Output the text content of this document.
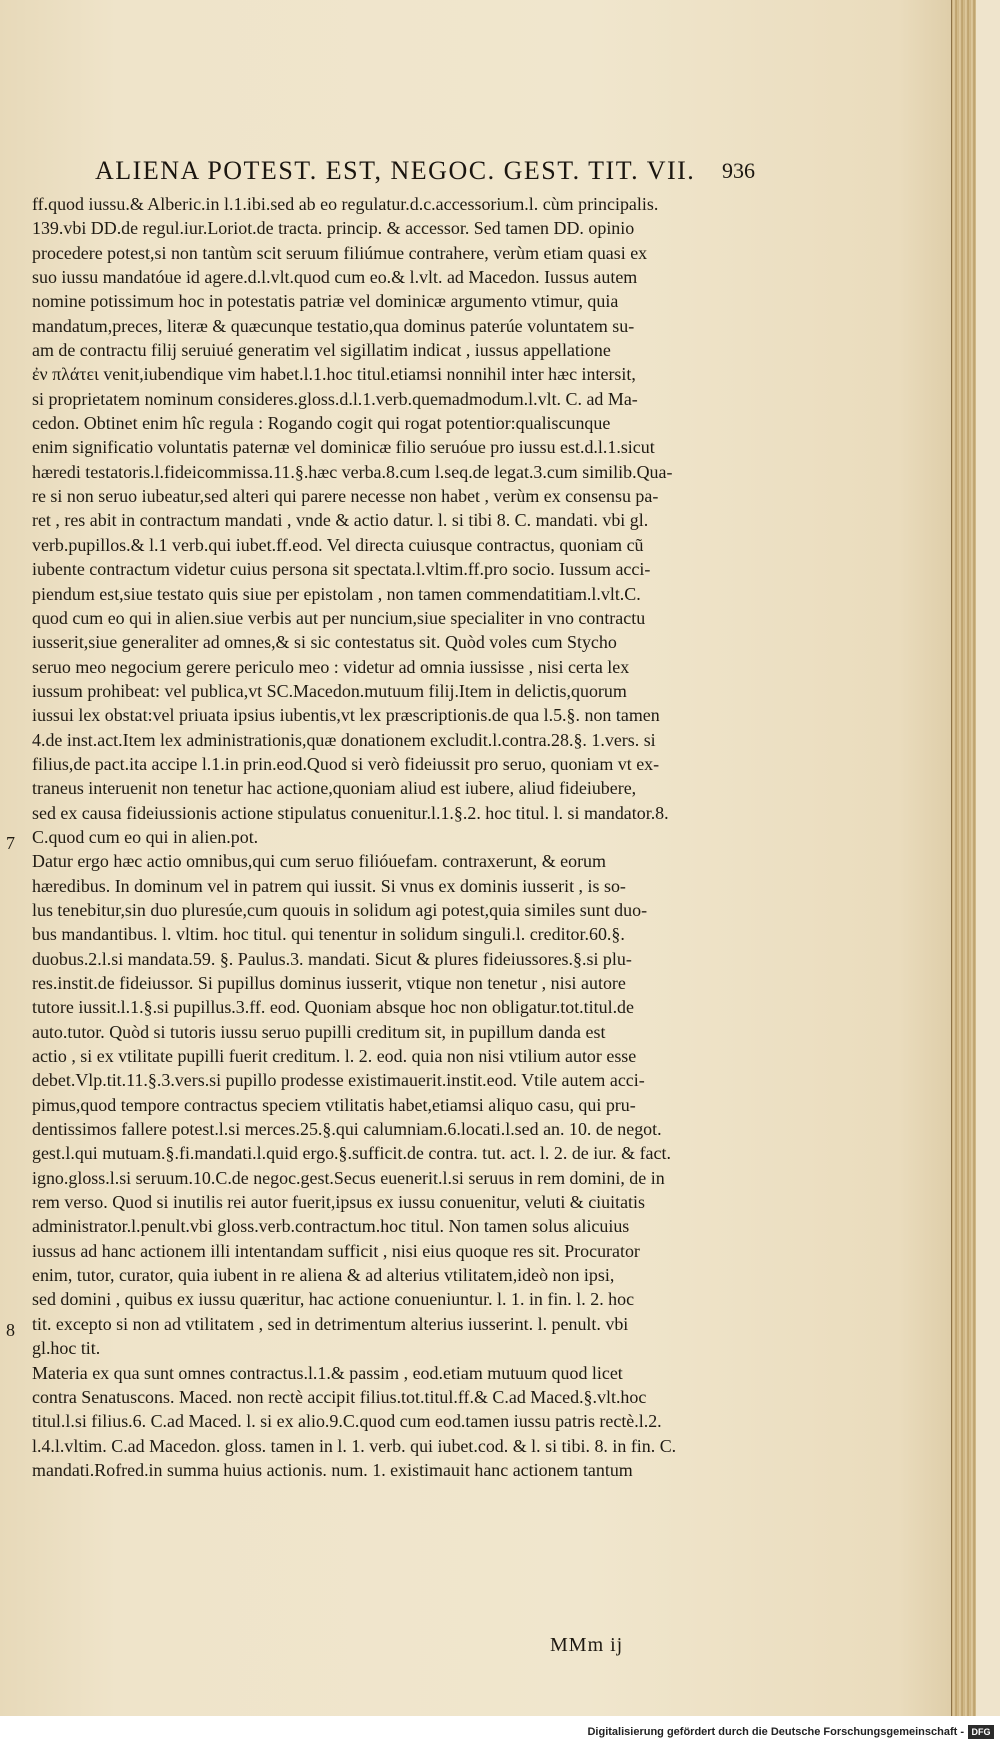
ALIENA POTEST. EST, NEGOC. GEST. TIT. VII.	936
ff.quod iussu.& Alberic.in l.1.ibi.sed ab eo regulatur.d.c.accessorium.l. cùm principalis.
139.vbi DD.de regul.iur.Loriot.de tracta. princip. & accessor. Sed tamen DD. opinio
procedere potest,si non tantùm scit seruum filiúmue contrahere, verùm etiam quasi ex
suo iussu mandatóue id agere.d.l.vlt.quod cum eo.& l.vlt. ad Macedon. Iussus autem
nomine potissimum hoc in potestatis patriæ vel dominicæ argumento vtimur, quia
mandatum,preces, literæ & quæcunque testatio,qua dominus paterúe voluntatem su-
am de contractu filij seruiué generatim vel sigillatim indicat , iussus appellatione
ἐν πλάτει venit,iubendique vim habet.l.1.hoc titul.etiamsi nonnihil inter hæc intersit,
si proprietatem nominum consideres.gloss.d.l.1.verb.quemadmodum.l.vlt. C. ad Ma-
cedon. Obtinet enim hîc regula : Rogando cogit qui rogat potentior:qualiscunque
enim significatio voluntatis paternæ vel dominicæ filio seruóue pro iussu est.d.l.1.sicut
hæredi testatoris.l.fideicommissa.11.§.hæc verba.8.cum l.seq.de legat.3.cum similib.Qua-
re si non seruo iubeatur,sed alteri qui parere necesse non habet , verùm ex consensu pa-
ret , res abit in contractum mandati , vnde & actio datur. l. si tibi 8. C. mandati. vbi gl.
verb.pupillos.& l.1 verb.qui iubet.ff.eod. Vel directa cuiusque contractus, quoniam cũ
iubente contractum videtur cuius persona sit spectata.l.vltim.ff.pro socio. Iussum acci-
piendum est,siue testato quis siue per epistolam , non tamen commendatitiam.l.vlt.C.
quod cum eo qui in alien.siue verbis aut per nuncium,siue specialiter in vno contractu
iusserit,siue generaliter ad omnes,& si sic contestatus sit. Quòd voles cum Stycho
seruo meo negocium gerere periculo meo : videtur ad omnia iussisse , nisi certa lex
iussum prohibeat: vel publica,vt SC.Macedon.mutuum filij.Item in delictis,quorum
iussui lex obstat:vel priuata ipsius iubentis,vt lex præscriptionis.de qua l.5.§. non tamen
4.de inst.act.Item lex administrationis,quæ donationem excludit.l.contra.28.§. 1.vers. si
filius,de pact.ita accipe l.1.in prin.eod.Quod si verò fideiussit pro seruo, quoniam vt ex-
traneus interuenit non tenetur hac actione,quoniam aliud est iubere, aliud fideiubere,
sed ex causa fideiussionis actione stipulatus conuenitur.l.1.§.2. hoc titul. l. si mandator.8.
C.quod cum eo qui in alien.pot.
Datur ergo hæc actio omnibus,qui cum seruo filióuefam. contraxerunt, & eorum
hæredibus. In dominum vel in patrem qui iussit. Si vnus ex dominis iusserit , is so-
lus tenebitur,sin duo pluresúe,cum quouis in solidum agi potest,quia similes sunt duo-
bus mandantibus. l. vltim. hoc titul. qui tenentur in solidum singuli.l. creditor.60.§.
duobus.2.l.si mandata.59. §. Paulus.3. mandati. Sicut & plures fideiussores.§.si plu-
res.instit.de fideiussor. Si pupillus dominus iusserit, vtique non tenetur , nisi autore
tutore iussit.l.1.§.si pupillus.3.ff. eod. Quoniam absque hoc non obligatur.tot.titul.de
auto.tutor. Quòd si tutoris iussu seruo pupilli creditum sit, in pupillum danda est
actio , si ex vtilitate pupilli fuerit creditum. l. 2. eod. quia non nisi vtilium autor esse
debet.Vlp.tit.11.§.3.vers.si pupillo prodesse existimauerit.instit.eod. Vtile autem acci-
pimus,quod tempore contractus speciem vtilitatis habet,etiamsi aliquo casu, qui pru-
dentissimos fallere potest.l.si merces.25.§.qui calumniam.6.locati.l.sed an. 10. de negot.
gest.l.qui mutuam.§.fi.mandati.l.quid ergo.§.sufficit.de contra. tut. act. l. 2. de iur. & fact.
igno.gloss.l.si seruum.10.C.de negoc.gest.Secus euenerit.l.si seruus in rem domini, de in
rem verso. Quod si inutilis rei autor fuerit,ipsus ex iussu conuenitur, veluti & ciuitatis
administrator.l.penult.vbi gloss.verb.contractum.hoc titul. Non tamen solus alicuius
iussus ad hanc actionem illi intentandam sufficit , nisi eius quoque res sit. Procurator
enim, tutor, curator, quia iubent in re aliena & ad alterius vtilitatem,ideò non ipsi,
sed domini , quibus ex iussu quæritur, hac actione conueniuntur. l. 1. in fin. l. 2. hoc
tit. excepto si non ad vtilitatem , sed in detrimentum alterius iusserint. l. penult. vbi
gl.hoc tit.
Materia ex qua sunt omnes contractus.l.1.& passim , eod.etiam mutuum quod licet
contra Senatuscons. Maced. non rectè accipit filius.tot.titul.ff.& C.ad Maced.§.vlt.hoc
titul.l.si filius.6. C.ad Maced. l. si ex alio.9.C.quod cum eod.tamen iussu patris rectè.l.2.
l.4.l.vltim. C.ad Macedon. gloss. tamen in l. 1. verb. qui iubet.cod. & l. si tibi. 8. in fin. C.
mandati.Rofred.in summa huius actionis. num. 1. existimauit hanc actionem tantum
7
8
MMm ij
Digitalisierung gefördert durch die Deutsche Forschungsgemeinschaft - DFG
